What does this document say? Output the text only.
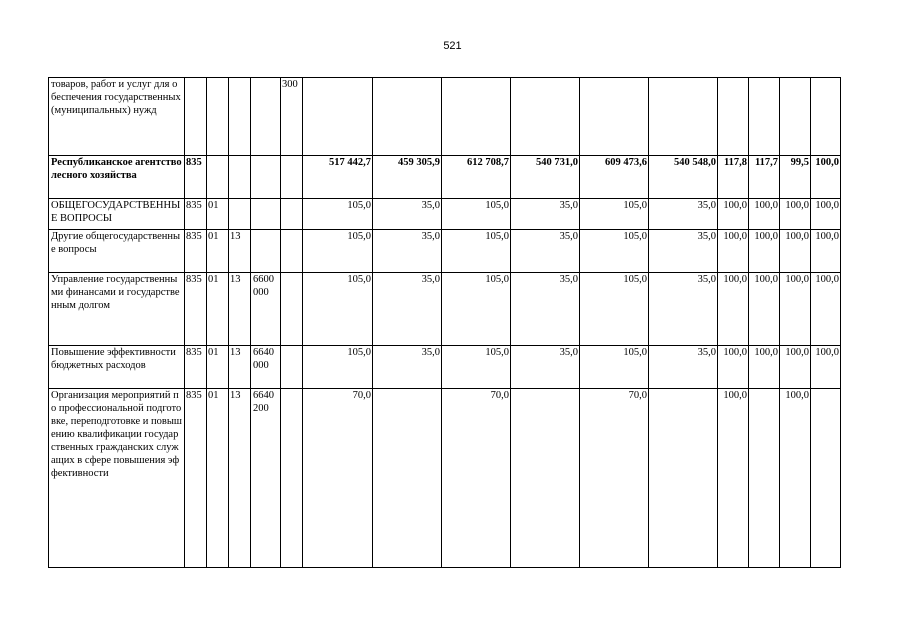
521
товаров, работ и услуг для обеспечения государственных (муниципальных) нужд					300										
Республиканское агентство лесного хозяйства	835					517 442,7	459 305,9	612 708,7	540 731,0	609 473,6	540 548,0	117,8	117,7	99,5	100,0
ОБЩЕГОСУДАРСТВЕННЫЕ ВОПРОСЫ	835	01				105,0	35,0	105,0	35,0	105,0	35,0	100,0	100,0	100,0	100,0
Другие общегосударственные вопросы	835	01	13			105,0	35,0	105,0	35,0	105,0	35,0	100,0	100,0	100,0	100,0
Управление государственными финансами и государственным долгом	835	01	13	6600 000		105,0	35,0	105,0	35,0	105,0	35,0	100,0	100,0	100,0	100,0
Повышение эффективности бюджетных расходов	835	01	13	6640 000		105,0	35,0	105,0	35,0	105,0	35,0	100,0	100,0	100,0	100,0
Организация мероприятий по профессиональной подготовке, переподготовке и повышению квалификации государственных гражданских служащих в сфере повышения эффективности	835	01	13	6640 200		70,0		70,0		70,0		100,0		100,0	
